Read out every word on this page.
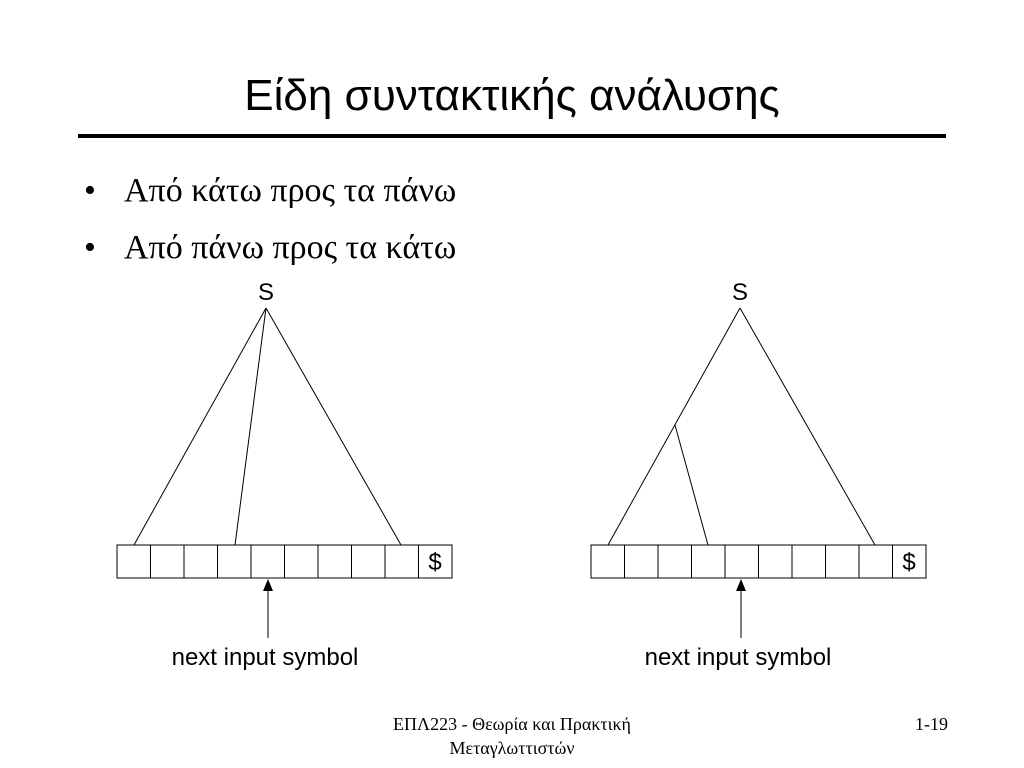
Είδη συντακτικής ανάλυσης
• Από κάτω προς τα πάνω
• Από πάνω προς τα κάτω
S
$
next input symbol
S
$
next input symbol
ΕΠΛ223 - Θεωρία και Πρακτική
Μεταγλωττιστών
1-19
